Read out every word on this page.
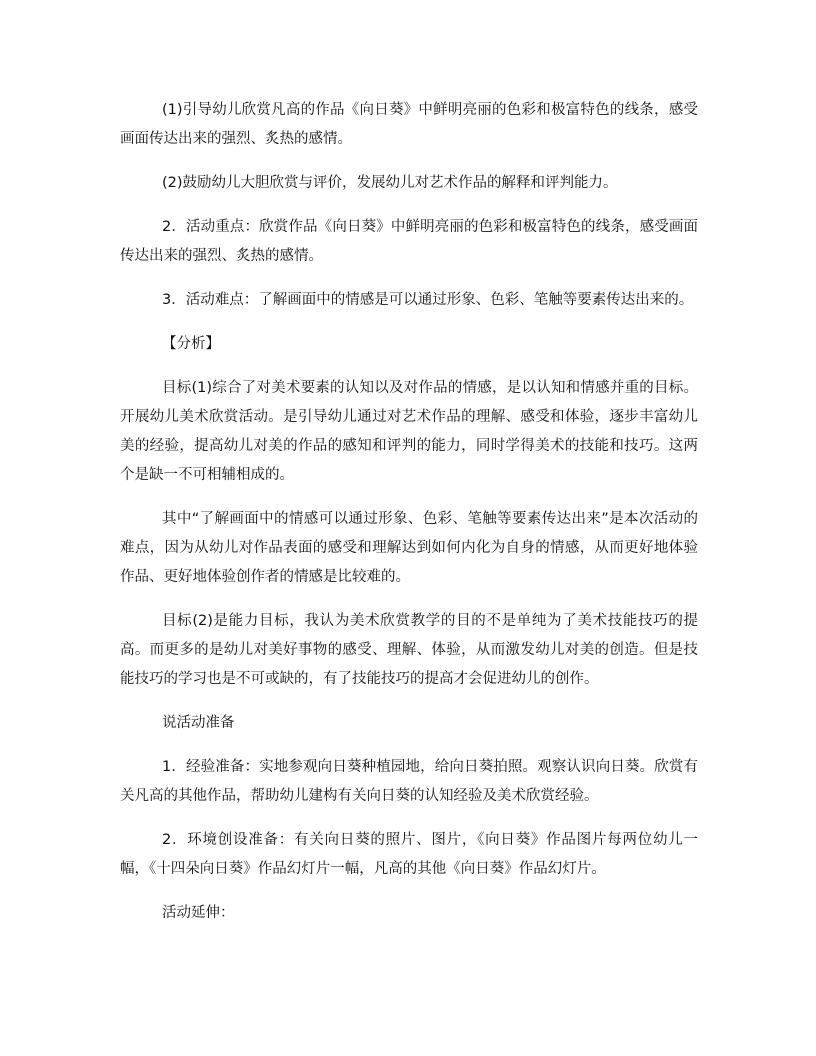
(1)引导幼儿欣赏凡高的作品《向日葵》中鲜明亮丽的色彩和极富特色的线条，感受画面传达出来的强烈、炙热的感情。

(2)鼓励幼儿大胆欣赏与评价，发展幼儿对艺术作品的解释和评判能力。

2．活动重点：欣赏作品《向日葵》中鲜明亮丽的色彩和极富特色的线条，感受画面传达出来的强烈、炙热的感情。

3．活动难点：了解画面中的情感是可以通过形象、色彩、笔触等要素传达出来的。

【分析】

目标(1)综合了对美术要素的认知以及对作品的情感，是以认知和情感并重的目标。开展幼儿美术欣赏活动。是引导幼儿通过对艺术作品的理解、感受和体验，逐步丰富幼儿美的经验，提高幼儿对美的作品的感知和评判的能力，同时学得美术的技能和技巧。这两个是缺一不可相辅相成的。

其中“了解画面中的情感可以通过形象、色彩、笔触等要素传达出来”是本次活动的难点，因为从幼儿对作品表面的感受和理解达到如何内化为自身的情感，从而更好地体验作品、更好地体验创作者的情感是比较难的。

目标(2)是能力目标，我认为美术欣赏教学的目的不是单纯为了美术技能技巧的提高。而更多的是幼儿对美好事物的感受、理解、体验，从而激发幼儿对美的创造。但是技能技巧的学习也是不可或缺的，有了技能技巧的提高才会促进幼儿的创作。

说活动准备

1．经验准备：实地参观向日葵种植园地，给向日葵拍照。观察认识向日葵。欣赏有关凡高的其他作品，帮助幼儿建构有关向日葵的认知经验及美术欣赏经验。

2．环境创设准备：有关向日葵的照片、图片，《向日葵》作品图片每两位幼儿一幅，《十四朵向日葵》作品幻灯片一幅，凡高的其他《向日葵》作品幻灯片。

活动延伸：
